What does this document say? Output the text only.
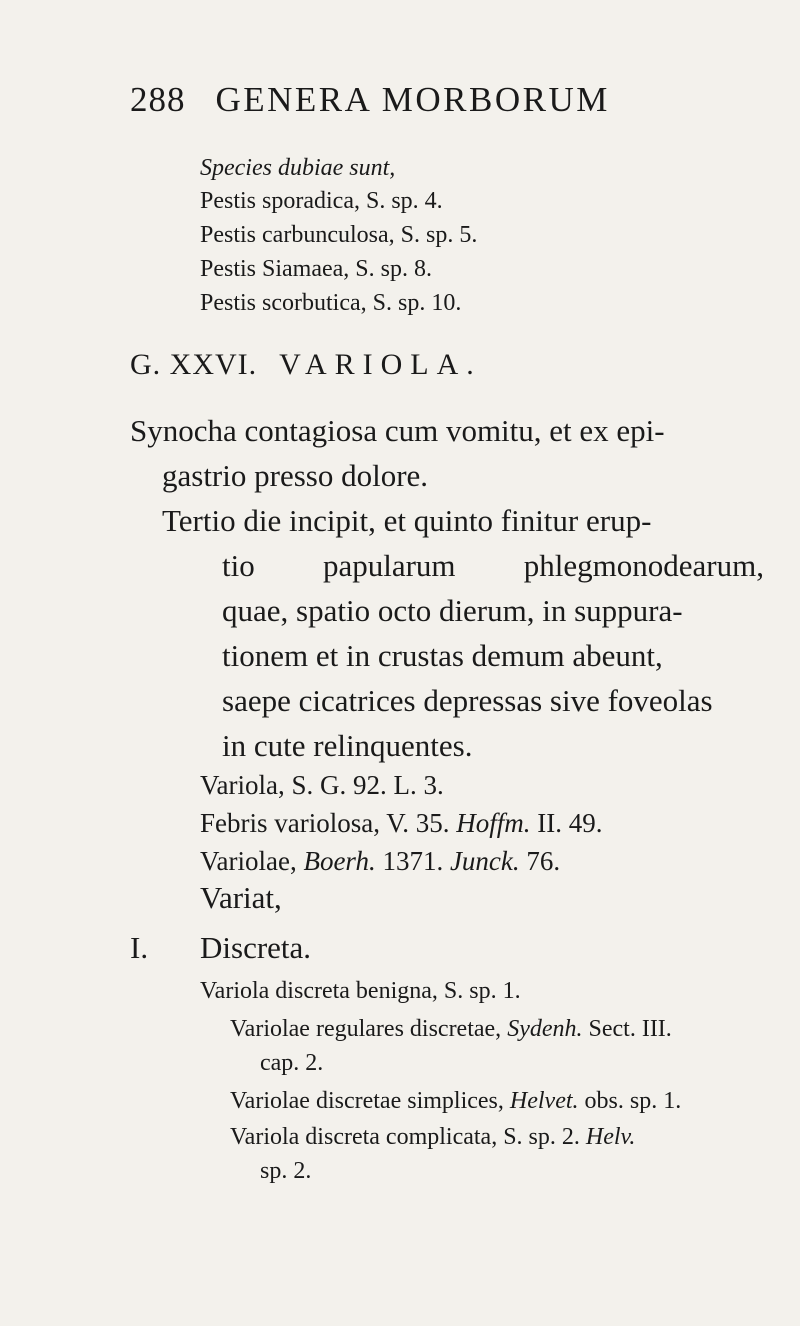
288 GENERA MORBORUM
Species dubiae sunt,
Pestis sporadica, S. sp. 4.
Pestis carbunculosa, S. sp. 5.
Pestis Siamaea, S. sp. 8.
Pestis scorbutica, S. sp. 10.
G. XXVI. VARIOLA.
Synocha contagiosa cum vomitu, et ex epi-
gastrio presso dolore.
Tertio die incipit, et quinto finitur erup-
tio papularum phlegmonodearum,
quae, spatio octo dierum, in suppura-
tionem et in crustas demum abeunt,
saepe cicatrices depressas sive foveolas
in cute relinquentes.
Variola, S. G. 92. L. 3.
Febris variolosa, V. 35. Hoffm. II. 49.
Variolae, Boerh. 1371. Junck. 76.
Variat,
I. Discreta.
Variola discreta benigna, S. sp. 1.
Variolae regulares discretae, Sydenh. Sect. III.
cap. 2.
Variolae discretae simplices, Helvet. obs. sp. 1.
Variola discreta complicata, S. sp. 2. Helv.
sp. 2.
